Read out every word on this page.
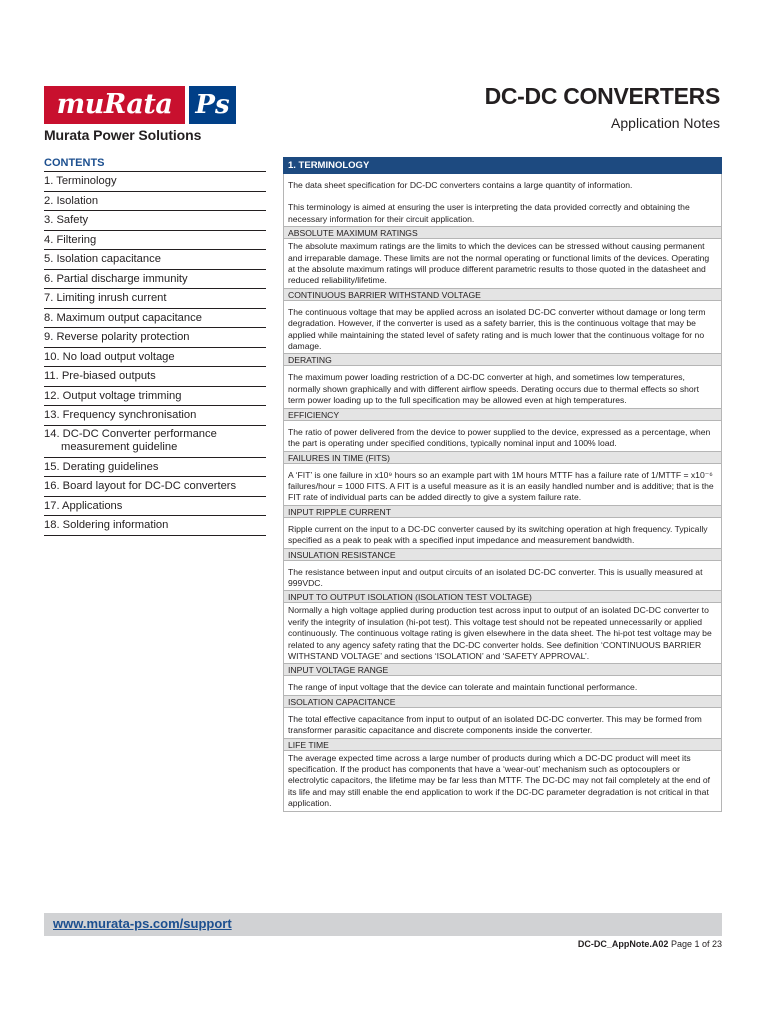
muRata Ps
Murata Power Solutions
DC-DC CONVERTERS
Application Notes
CONTENTS
1. Terminology
2. Isolation
3. Safety
4. Filtering
5. Isolation capacitance
6. Partial discharge immunity
7. Limiting inrush current
8. Maximum output capacitance
9. Reverse polarity protection
10. No load output voltage
11. Pre-biased outputs
12. Output voltage trimming
13. Frequency synchronisation
14. DC-DC Converter performance
measurement guideline
15. Derating guidelines
16. Board layout for DC-DC converters
17. Applications
18. Soldering information
1. TERMINOLOGY

The data sheet specification for DC-DC converters contains a large quantity of information.

This terminology is aimed at ensuring the user is interpreting the data provided correctly and obtaining the necessary information for their circuit application.

ABSOLUTE MAXIMUM RATINGS
The absolute maximum ratings are the limits to which the devices can be stressed without causing permanent and irreparable damage. These limits are not the normal operating or functional limits of the devices. Operating at the absolute maximum ratings will produce different parametric results to those quoted in the datasheet and reduced reliability/lifetime.
CONTINUOUS BARRIER WITHSTAND VOLTAGE
The continuous voltage that may be applied across an isolated DC-DC converter without damage or long term degradation. However, if the converter is used as a safety barrier, this is the continuous voltage that may be applied while maintaining the stated level of safety rating and is much lower that the continuous voltage for no damage.
DERATING
The maximum power loading restriction of a DC-DC converter at high, and sometimes low temperatures, normally shown graphically and with different airflow speeds. Derating occurs due to thermal effects so short term power loading up to the full specification may be allowed even at high temperatures.
EFFICIENCY
The ratio of power delivered from the device to power supplied to the device, expressed as a percentage, when the part is operating under specified conditions, typically nominal input and 100% load.
FAILURES IN TIME (FITS)
A ‘FIT’ is one failure in x10⁹ hours so an example part with 1M hours MTTF has a failure rate of 1/MTTF = x10⁻⁶ failures/hour = 1000 FITS. A FIT is a useful measure as it is an easily handled number and is additive; that is the FIT rate of individual parts can be added directly to give a system failure rate.
INPUT RIPPLE CURRENT
Ripple current on the input to a DC-DC converter caused by its switching operation at high frequency. Typically specified as a peak to peak with a specified input impedance and measurement bandwidth.
INSULATION RESISTANCE
The resistance between input and output circuits of an isolated DC-DC converter. This is usually measured at 999VDC.
INPUT TO OUTPUT ISOLATION (ISOLATION TEST VOLTAGE)
Normally a high voltage applied during production test across input to output of an isolated DC-DC converter to verify the integrity of insulation (hi-pot test). This voltage test should not be repeated unnecessarily or applied continuously. The continuous voltage rating is given elsewhere in the data sheet. The hi-pot test voltage may be related to any agency safety rating that the DC-DC converter holds. See definition ‘CONTINUOUS BARRIER WITHSTAND VOLTAGE’ and sections ‘ISOLATION’ and ‘SAFETY APPROVAL’.
INPUT VOLTAGE RANGE
The range of input voltage that the device can tolerate and maintain functional performance.
ISOLATION CAPACITANCE
The total effective capacitance from input to output of an isolated DC-DC converter. This may be formed from transformer parasitic capacitance and discrete components inside the converter.
LIFE TIME
The average expected time across a large number of products during which a DC-DC product will meet its specification. If the product has components that have a ‘wear-out’ mechanism such as optocouplers or electrolytic capacitors, the lifetime may be far less than MTTF. The DC-DC may not fail completely at the end of its life and may still enable the end application to work if the DC-DC parameter degradation is not critical in that application.
www.murata-ps.com/support
DC-DC_AppNote.A02 Page 1 of 23
